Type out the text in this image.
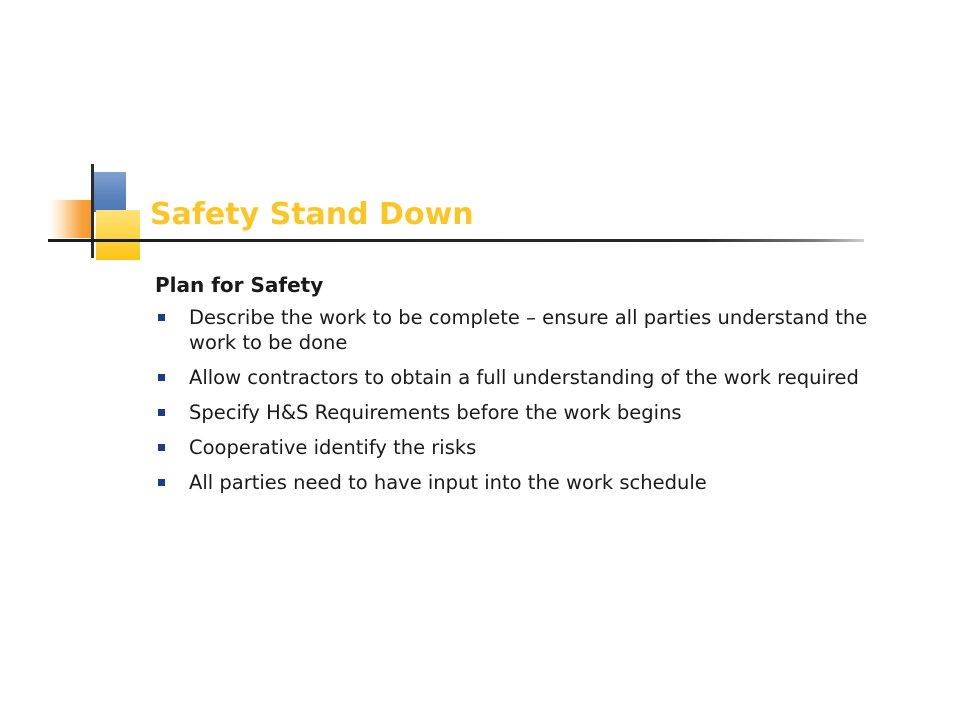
Safety Stand Down
Plan for Safety
Describe the work to be complete – ensure all parties understand the work to be done
Allow contractors to obtain a full understanding of the work required
Specify H&S Requirements before the work begins
Cooperative identify the risks
All parties need to have input into the work schedule
